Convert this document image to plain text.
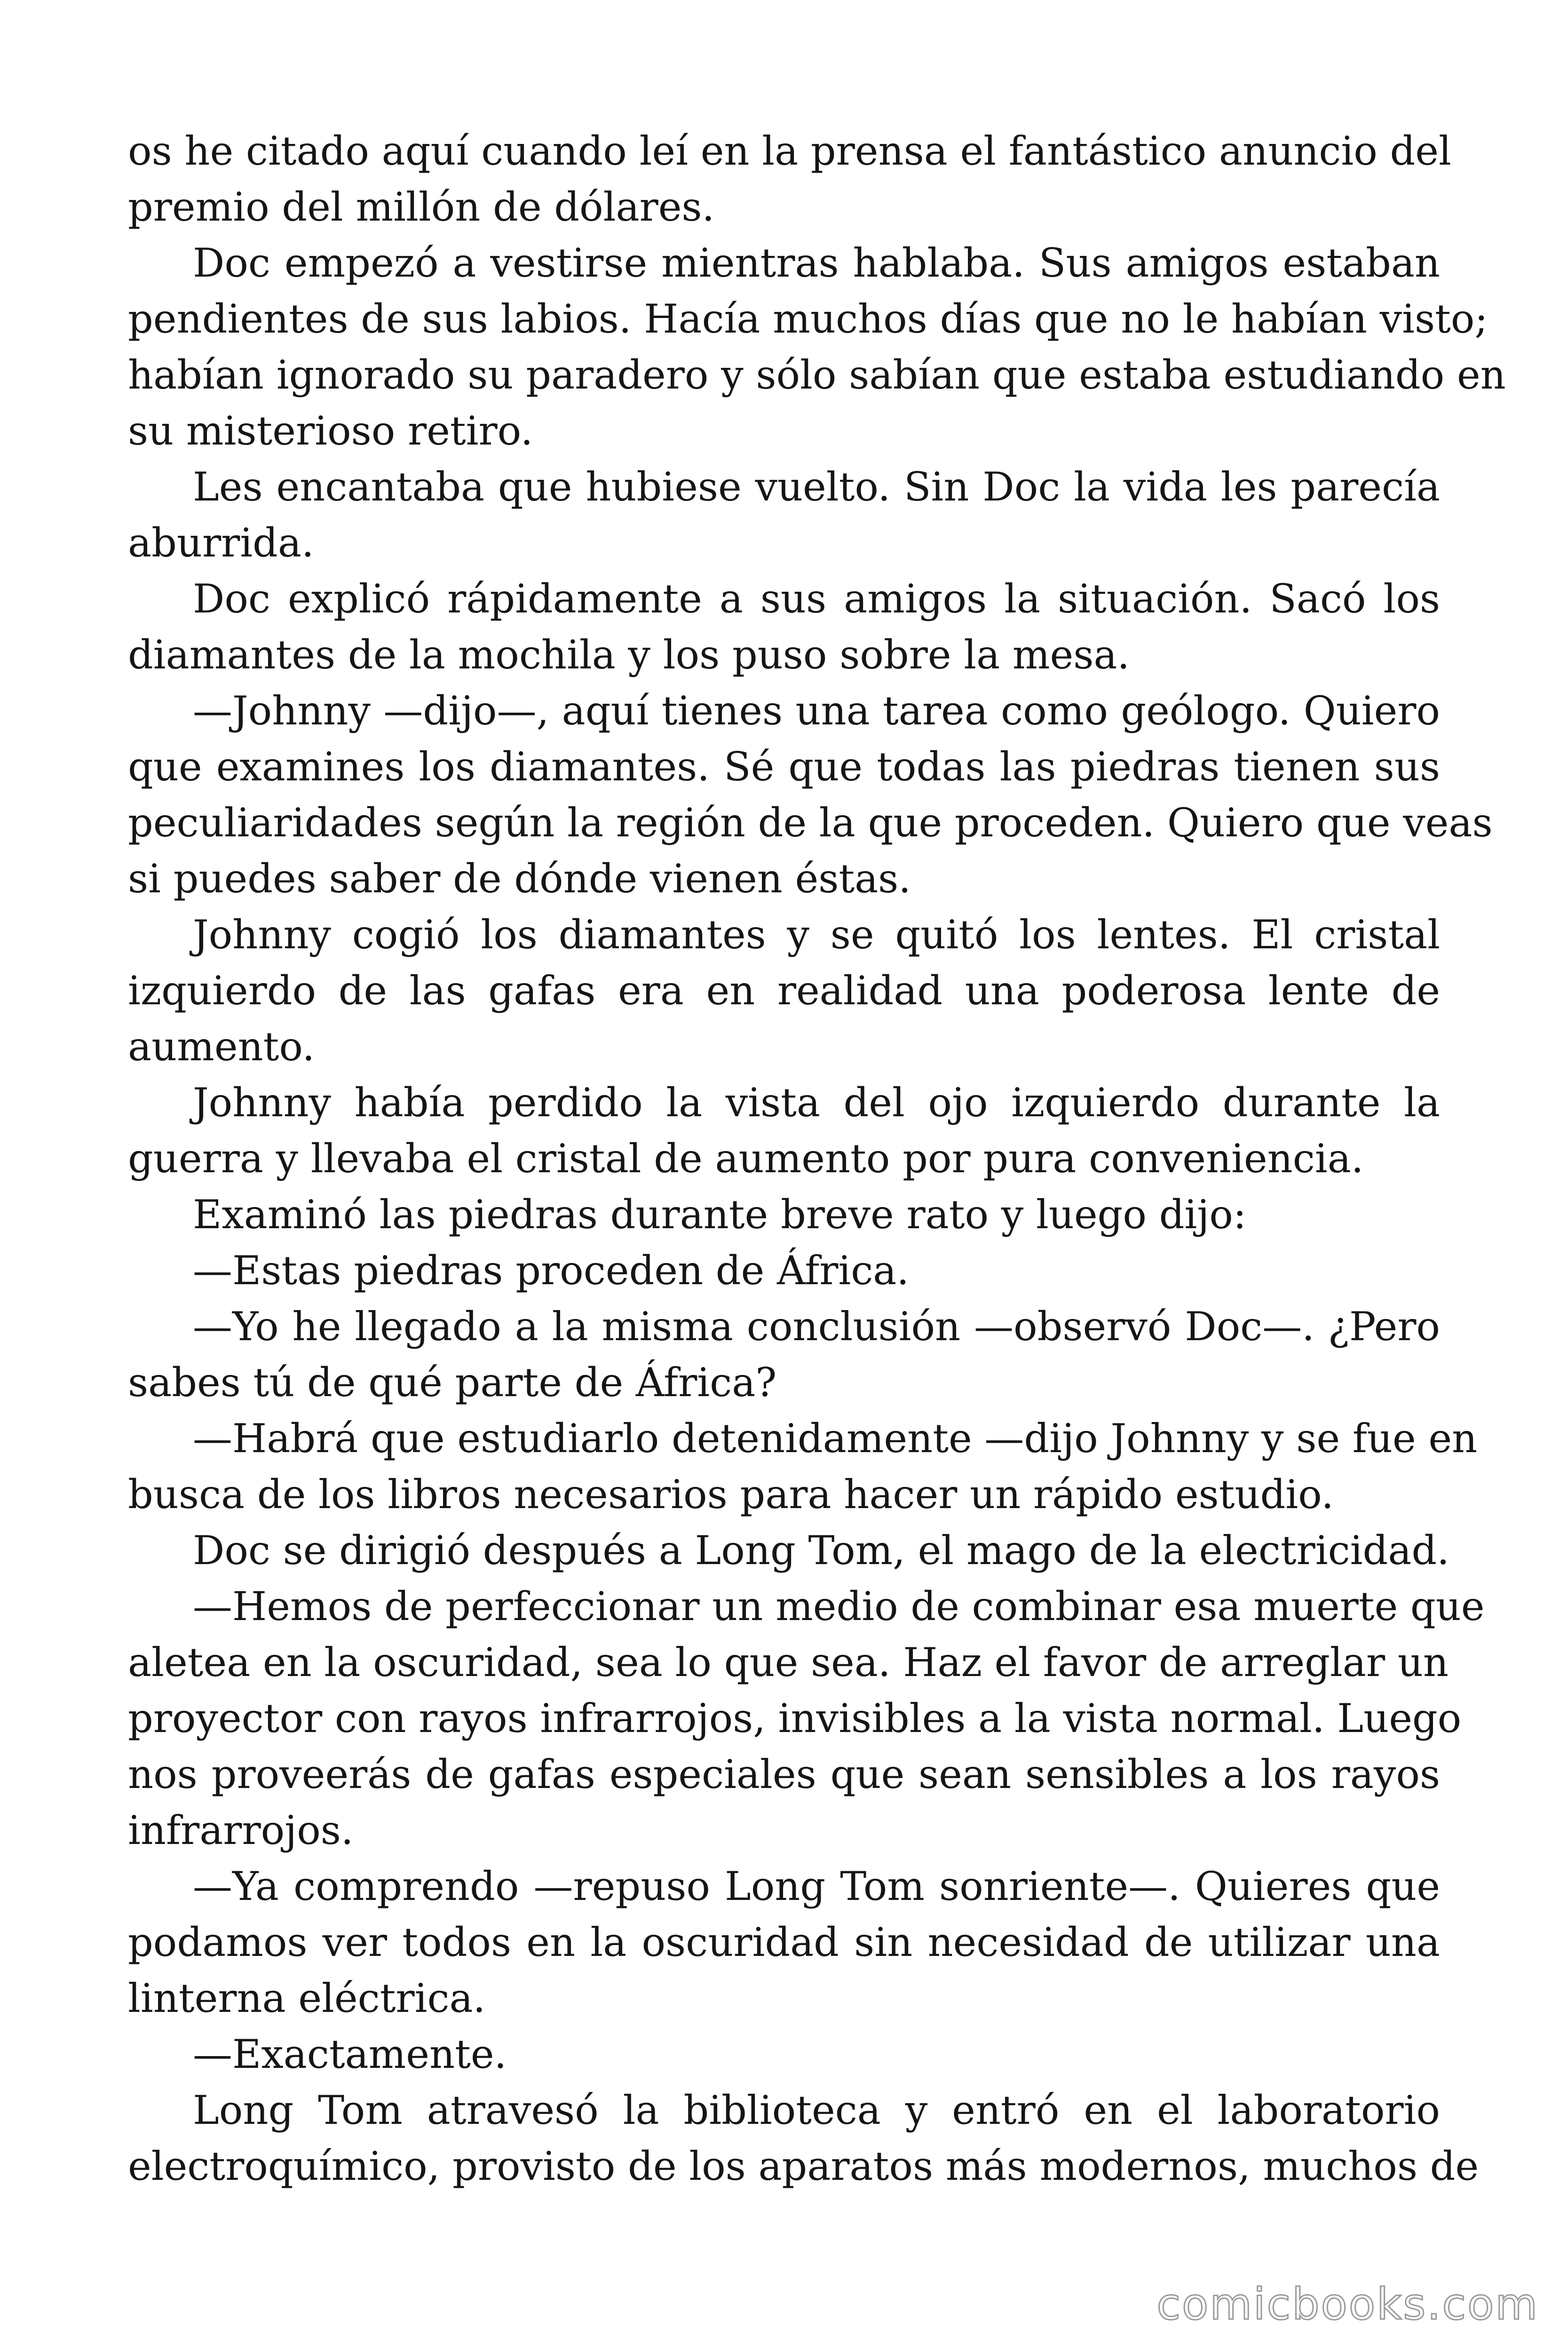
os he citado aquí cuando leí en la prensa el fantástico anuncio del
premio del millón de dólares.
Doc empezó a vestirse mientras hablaba. Sus amigos estaban
pendientes de sus labios. Hacía muchos días que no le habían visto;
habían ignorado su paradero y sólo sabían que estaba estudiando en
su misterioso retiro.
Les encantaba que hubiese vuelto. Sin Doc la vida les parecía
aburrida.
Doc explicó rápidamente a sus amigos la situación. Sacó los
diamantes de la mochila y los puso sobre la mesa.
—Johnny —dijo—, aquí tienes una tarea como geólogo. Quiero
que examines los diamantes. Sé que todas las piedras tienen sus
peculiaridades según la región de la que proceden. Quiero que veas
si puedes saber de dónde vienen éstas.
Johnny cogió los diamantes y se quitó los lentes. El cristal
izquierdo de las gafas era en realidad una poderosa lente de
aumento.
Johnny había perdido la vista del ojo izquierdo durante la
guerra y llevaba el cristal de aumento por pura conveniencia.
Examinó las piedras durante breve rato y luego dijo:
—Estas piedras proceden de África.
—Yo he llegado a la misma conclusión —observó Doc—. ¿Pero
sabes tú de qué parte de África?
—Habrá que estudiarlo detenidamente —dijo Johnny y se fue en
busca de los libros necesarios para hacer un rápido estudio.
Doc se dirigió después a Long Tom, el mago de la electricidad.
—Hemos de perfeccionar un medio de combinar esa muerte que
aletea en la oscuridad, sea lo que sea. Haz el favor de arreglar un
proyector con rayos infrarrojos, invisibles a la vista normal. Luego
nos proveerás de gafas especiales que sean sensibles a los rayos
infrarrojos.
—Ya comprendo —repuso Long Tom sonriente—. Quieres que
podamos ver todos en la oscuridad sin necesidad de utilizar una
linterna eléctrica.
—Exactamente.
Long Tom atravesó la biblioteca y entró en el laboratorio
electroquímico, provisto de los aparatos más modernos, muchos de
comicbooks.com
